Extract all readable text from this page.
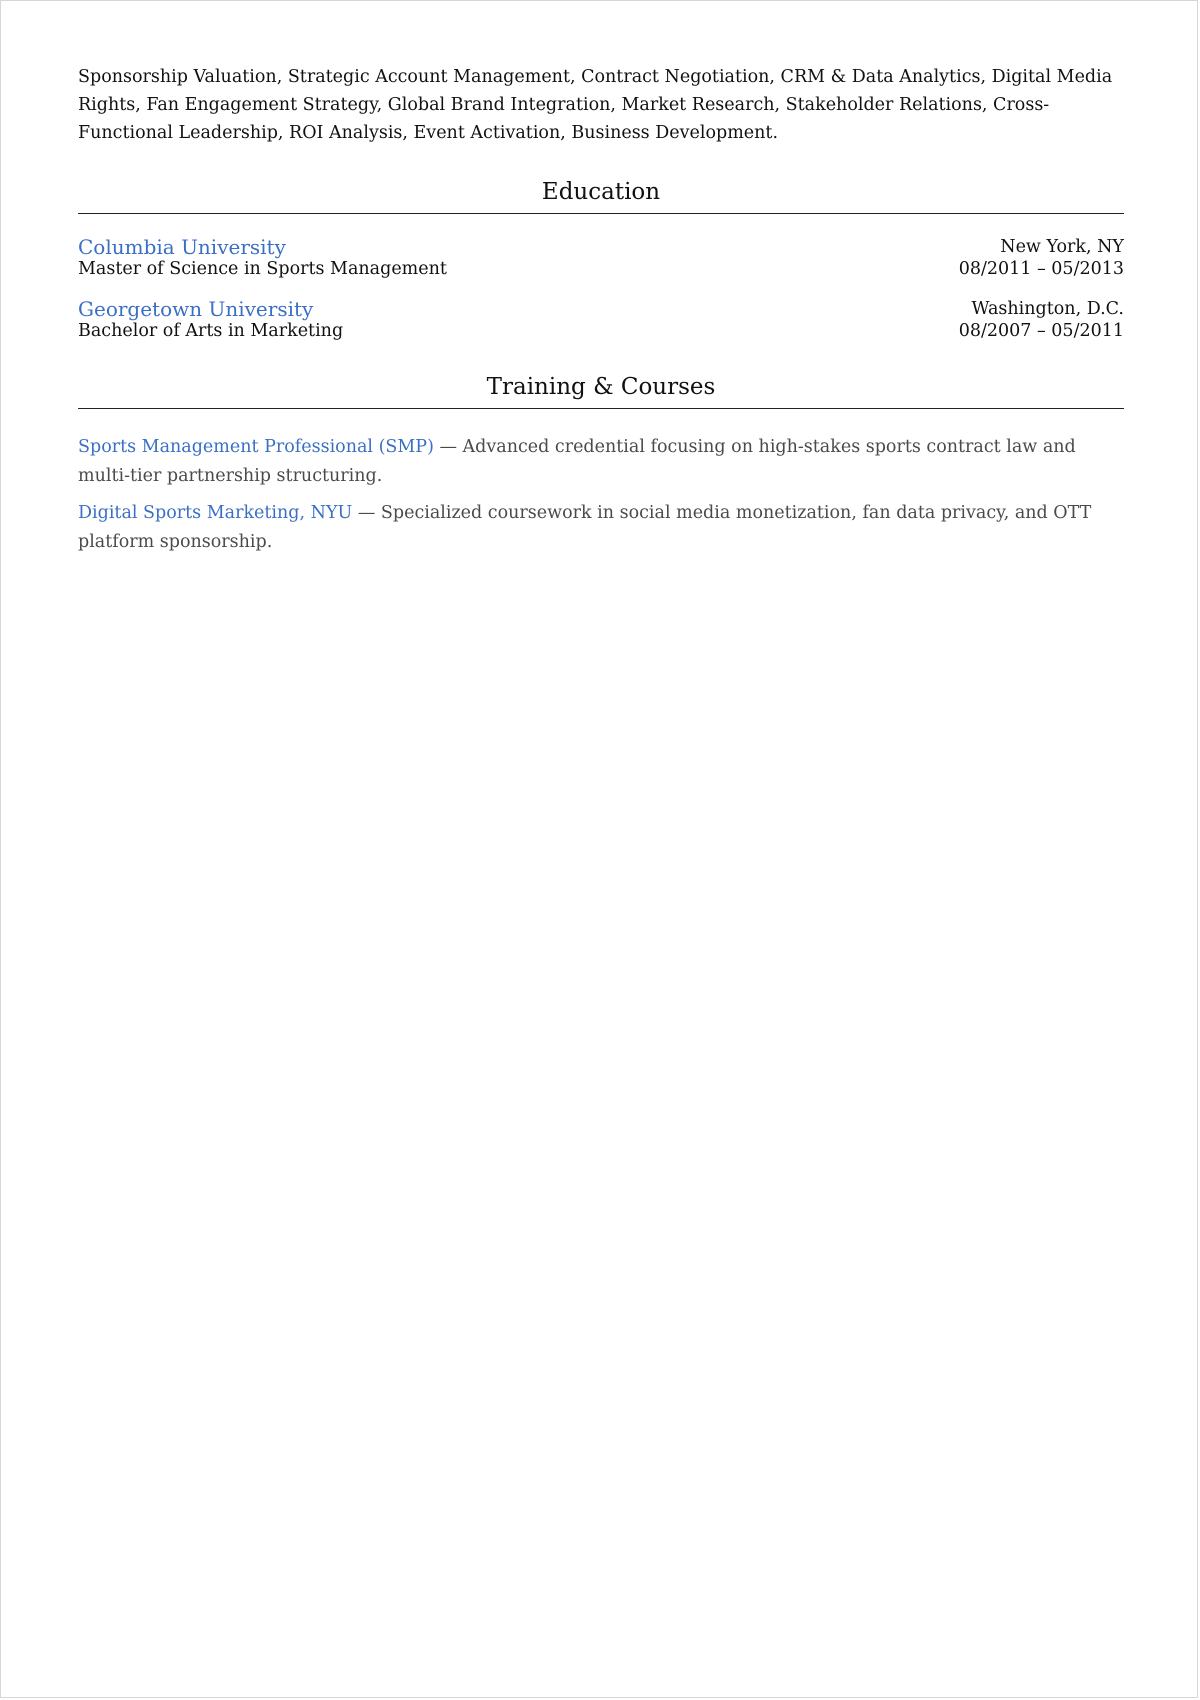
Sponsorship Valuation, Strategic Account Management, Contract Negotiation, CRM & Data Analytics, Digital Media Rights, Fan Engagement Strategy, Global Brand Integration, Market Research, Stakeholder Relations, Cross-Functional Leadership, ROI Analysis, Event Activation, Business Development.

Education
Columbia University
Master of Science in Sports Management
New York, NY
08/2011 – 05/2013
Georgetown University
Bachelor of Arts in Marketing
Washington, D.C.
08/2007 – 05/2011
Training & Courses

Sports Management Professional (SMP) — Advanced credential focusing on high-stakes sports contract law and multi-tier partnership structuring.

Digital Sports Marketing, NYU — Specialized coursework in social media monetization, fan data privacy, and OTT platform sponsorship.
